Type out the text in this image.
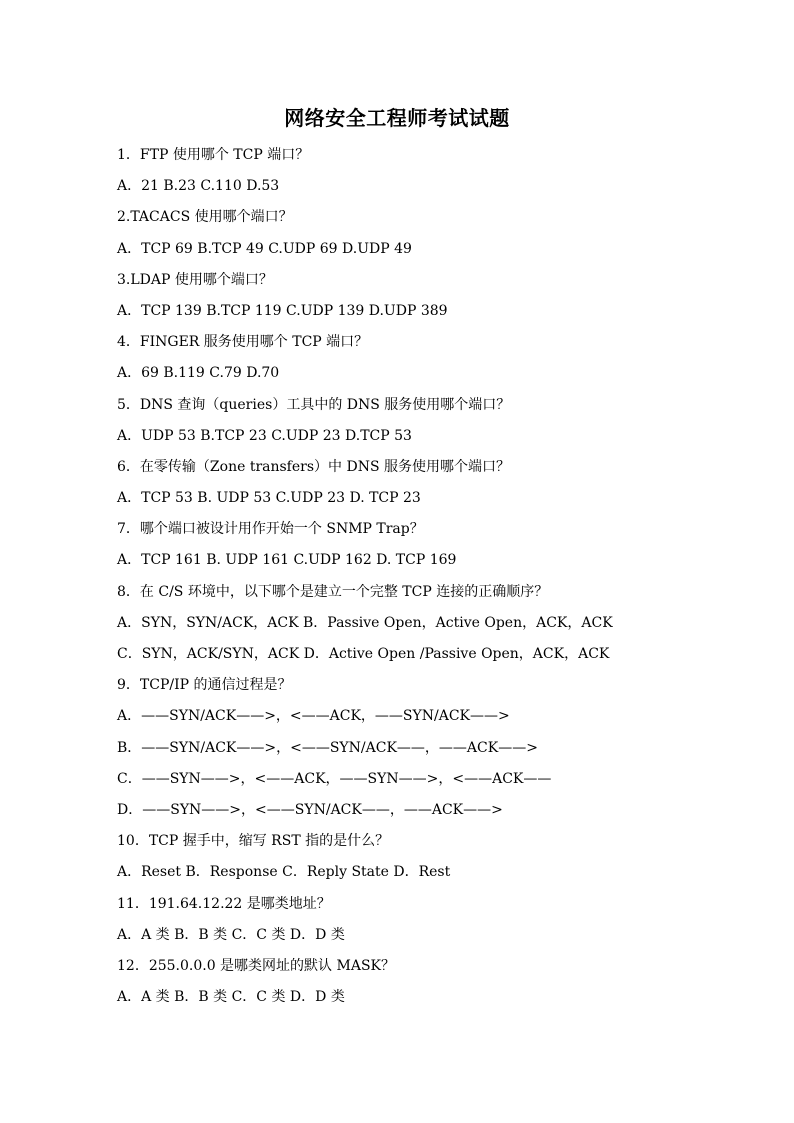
网络安全工程师考试试题
1．FTP 使用哪个 TCP 端口？
A．21 B.23 C.110 D.53
2.TACACS 使用哪个端口？
A．TCP 69 B.TCP 49 C.UDP 69 D.UDP 49
3.LDAP 使用哪个端口？
A．TCP 139 B.TCP 119 C.UDP 139 D.UDP 389
4．FINGER 服务使用哪个 TCP 端口？
A．69 B.119 C.79 D.70
5．DNS 查询（queries）工具中的 DNS 服务使用哪个端口？
A．UDP 53 B.TCP 23 C.UDP 23 D.TCP 53
6．在零传输（Zone transfers）中 DNS 服务使用哪个端口？
A．TCP 53 B. UDP 53 C.UDP 23 D. TCP 23
7．哪个端口被设计用作开始一个 SNMP Trap？
A．TCP 161 B. UDP 161 C.UDP 162 D. TCP 169
8．在 C/S 环境中，以下哪个是建立一个完整 TCP 连接的正确顺序？
A．SYN，SYN/ACK，ACK B．Passive Open，Active Open，ACK，ACK
C．SYN，ACK/SYN，ACK D．Active Open /Passive Open，ACK，ACK
9．TCP/IP 的通信过程是？
A．——SYN/ACK——>，<——ACK，——SYN/ACK——>
B．——SYN/ACK——>，<——SYN/ACK——，——ACK——>
C．——SYN——>，<——ACK，——SYN——>，<——ACK——
D．——SYN——>，<——SYN/ACK——，——ACK——>
10．TCP 握手中，缩写 RST 指的是什么？
A．Reset B．Response C．Reply State D．Rest
11．191.64.12.22 是哪类地址？
A．A 类 B．B 类 C．C 类 D．D 类
12．255.0.0.0 是哪类网址的默认 MASK？
A．A 类 B．B 类 C．C 类 D．D 类
